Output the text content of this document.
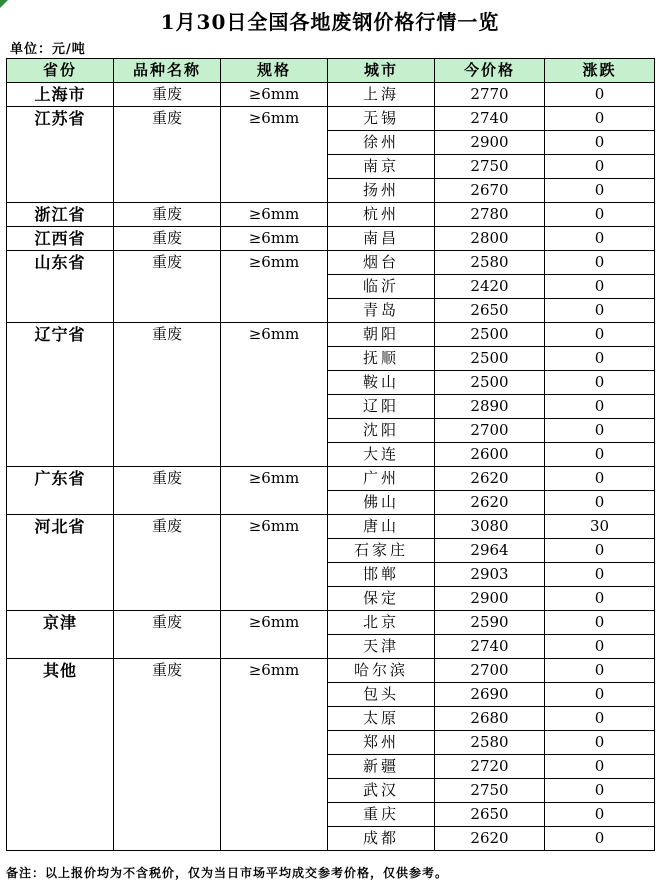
1月30日全国各地废钢价格行情一览
单位：元/吨
省份	品种名称	规格	城市	今价格	涨跌
上海市	重废	≥6mm	上海	2770	0
江苏省	重废	≥6mm	无锡	2740	0
			徐州	2900	0
			南京	2750	0
			扬州	2670	0
浙江省	重废	≥6mm	杭州	2780	0
江西省	重废	≥6mm	南昌	2800	0
山东省	重废	≥6mm	烟台	2580	0
			临沂	2420	0
			青岛	2650	0
辽宁省	重废	≥6mm	朝阳	2500	0
			抚顺	2500	0
			鞍山	2500	0
			辽阳	2890	0
			沈阳	2700	0
			大连	2600	0
广东省	重废	≥6mm	广州	2620	0
			佛山	2620	0
河北省	重废	≥6mm	唐山	3080	30
			石家庄	2964	0
			邯郸	2903	0
			保定	2900	0
京津	重废	≥6mm	北京	2590	0
			天津	2740	0
其他	重废	≥6mm	哈尔滨	2700	0
			包头	2690	0
			太原	2680	0
			郑州	2580	0
			新疆	2720	0
			武汉	2750	0
			重庆	2650	0
			成都	2620	0
备注：以上报价均为不含税价，仅为当日市场平均成交参考价格，仅供参考。
